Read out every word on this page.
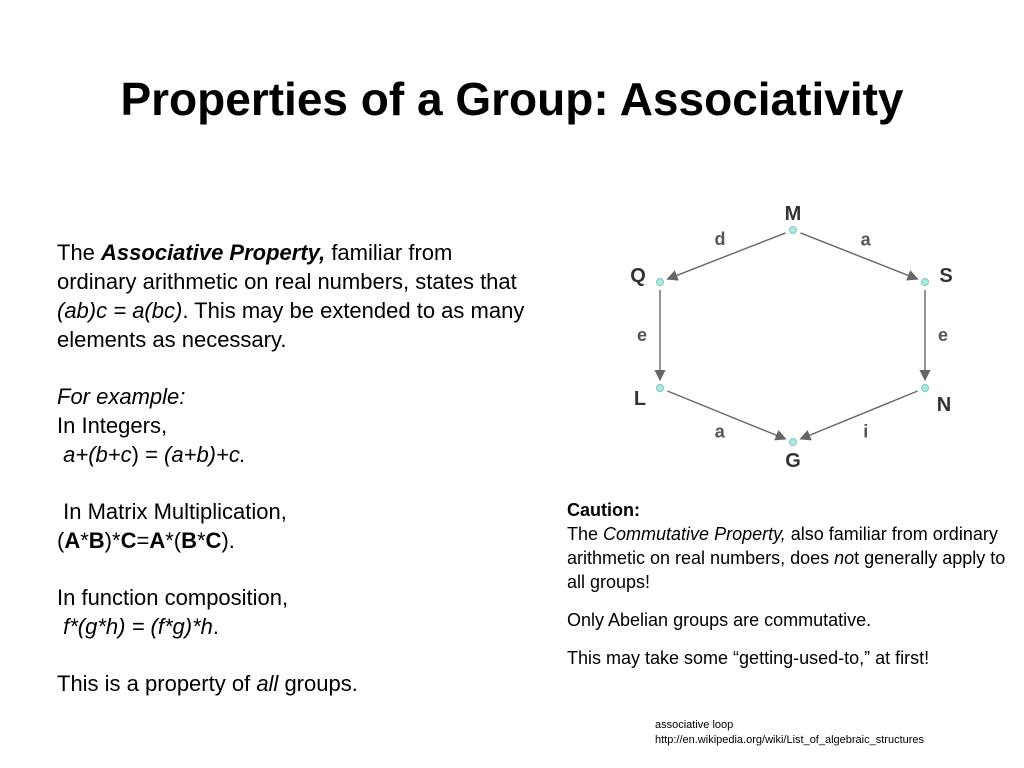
Properties of a Group: Associativity

The Associative Property, familiar from ordinary arithmetic on real numbers, states that (ab)c = a(bc). This may be extended to as many elements as necessary.

For example:

In Integers,

a+(b+c) = (a+b)+c.

In Matrix Multiplication,

(A*B)*C=A*(B*C).

In function composition,

f*(g*h) = (f*g)*h.

This is a property of all groups.

d	a
e	e
a	i
M
S
N
G
L
Q

Caution:

The Commutative Property, also familiar from ordinary arithmetic on real numbers, does not generally apply to all groups!

Only Abelian groups are commutative.

This may take some “getting-used-to,” at first!

associative loop
http://en.wikipedia.org/wiki/List_of_algebraic_structures
